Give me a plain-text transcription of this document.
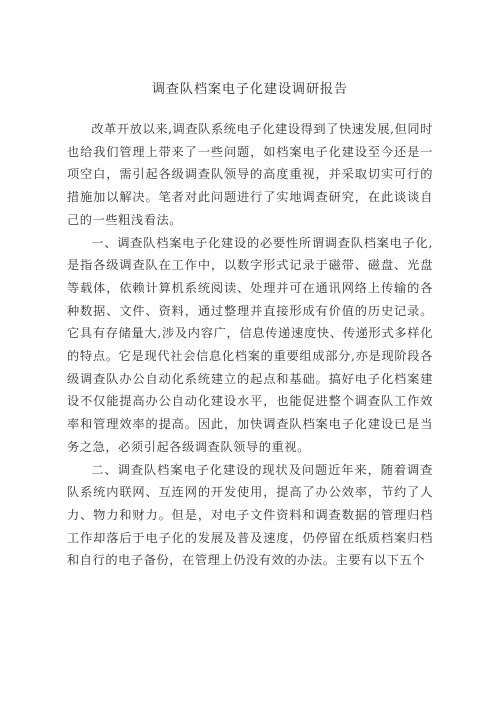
调查队档案电子化建设调研报告

改革开放以来,调查队系统电子化建设得到了快速发展,但同时也给我们管理上带来了一些问题，如档案电子化建设至今还是一项空白，需引起各级调查队领导的高度重视，并采取切实可行的措施加以解决。笔者对此问题进行了实地调查研究，在此谈谈自己的一些粗浅看法。

一、调查队档案电子化建设的必要性所谓调查队档案电子化,是指各级调查队在工作中，以数字形式记录于磁带、磁盘、光盘等载体，依赖计算机系统阅读、处理并可在通讯网络上传输的各种数据、文件、资料，通过整理并直接形成有价值的历史记录。它具有存储量大,涉及内容广，信息传递速度快、传递形式多样化的特点。它是现代社会信息化档案的重要组成部分,亦是现阶段各级调查队办公自动化系统建立的起点和基础。搞好电子化档案建设不仅能提高办公自动化建设水平，也能促进整个调查队工作效率和管理效率的提高。因此，加快调查队档案电子化建设已是当务之急，必须引起各级调查队领导的重视。

二、调查队档案电子化建设的现状及问题近年来，随着调查队系统内联网、互连网的开发使用，提高了办公效率，节约了人力、物力和财力。但是，对电子文件资料和调查数据的管理归档工作却落后于电子化的发展及普及速度，仍停留在纸质档案归档和自行的电子备份，在管理上仍没有效的办法。主要有以下五个
